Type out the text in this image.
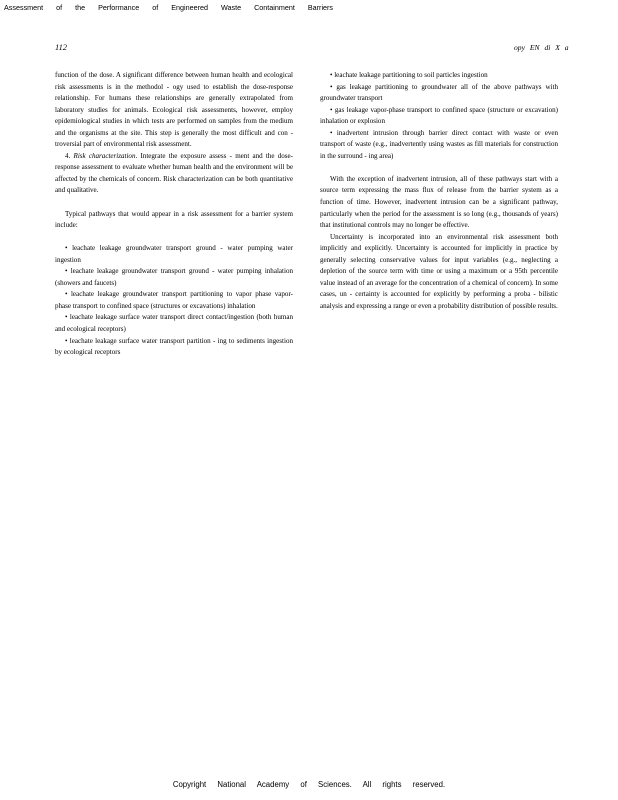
Assessment of the Performance of Engineered Waste Containment Barriers
112	opy EN di X a

function of the dose. A significant difference between human health and ecological risk assessments is in the methodol - ogy used to establish the dose-response relationship. For humans these relationships are generally extrapolated from laboratory studies for animals. Ecological risk assessments, however, employ epidemiological studies in which tests are performed on samples from the medium and the organisms at the site. This step is generally the most difficult and con - troversial part of environmental risk assessment.

4. Risk characterization. Integrate the exposure assess - ment and the dose-response assessment to evaluate whether human health and the environment will be affected by the chemicals of concern. Risk characterization can be both quantitative and qualitative.

Typical pathways that would appear in a risk assessment for a barrier system include:

• leachate leakage groundwater transport ground - water pumping water ingestion

• leachate leakage groundwater transport ground - water pumping inhalation (showers and faucets)

• leachate leakage groundwater transport partitioning to vapor phase vapor-phase transport to confined space (structures or excavations) inhalation

• leachate leakage surface water transport direct contact/ingestion (both human and ecological receptors)

• leachate leakage surface water transport partition - ing to sediments ingestion by ecological receptors

• leachate leakage partitioning to soil particles ingestion

• gas leakage partitioning to groundwater all of the above pathways with groundwater transport

• gas leakage vapor-phase transport to confined space (structure or excavation) inhalation or explosion

• inadvertent intrusion through barrier direct contact with waste or even transport of waste (e.g., inadvertently using wastes as fill materials for construction in the surround - ing area)

With the exception of inadvertent intrusion, all of these pathways start with a source term expressing the mass flux of release from the barrier system as a function of time. However, inadvertent intrusion can be a significant pathway, particularly when the period for the assessment is so long (e.g., thousands of years) that institutional controls may no longer be effective.

Uncertainty is incorporated into an environmental risk assessment both implicitly and explicitly. Uncertainty is accounted for implicitly in practice by generally selecting conservative values for input variables (e.g., neglecting a depletion of the source term with time or using a maximum or a 95th percentile value instead of an average for the concentration of a chemical of concern). In some cases, un - certainty is accounted for explicitly by performing a proba - bilistic analysis and expressing a range or even a probability distribution of possible results.

Copyright National Academy of Sciences. All rights reserved.
